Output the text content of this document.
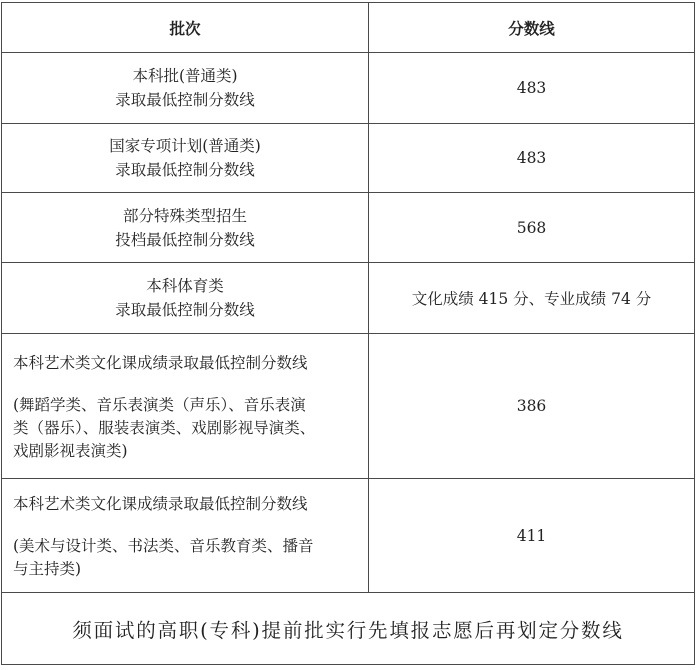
批次	分数线

本科批(普通类)
录取最低控制分数线	483

国家专项计划(普通类)
录取最低控制分数线	483

部分特殊类型招生
投档最低控制分数线	568

本科体育类
录取最低控制分数线	文化成绩 415 分、专业成绩 74 分

本科艺术类文化课成绩录取最低控制分数线
(舞蹈学类、音乐表演类（声乐）、音乐表演
类（器乐）、服装表演类、戏剧影视导演类、
戏剧影视表演类)	386

本科艺术类文化课成绩录取最低控制分数线
(美术与设计类、书法类、音乐教育类、播音
与主持类)	411
须面试的高职(专科)提前批实行先填报志愿后再划定分数线	
